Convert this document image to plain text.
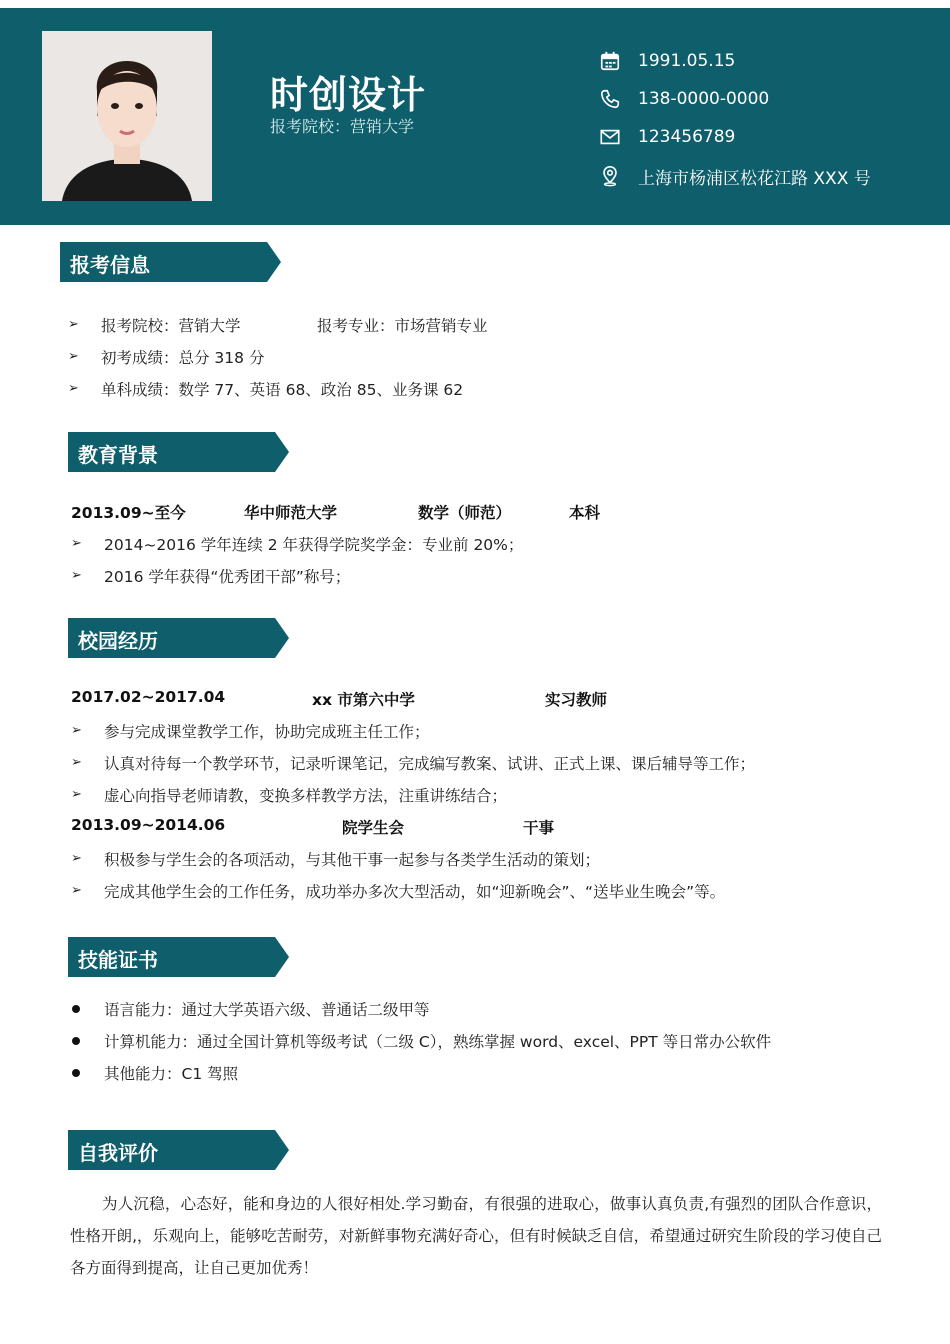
时创设计
报考院校：营销大学
1991.05.15
138-0000-0000
123456789
上海市杨浦区松花江路 XXX 号
报考信息
➢ 报考院校：营销大学	报考专业：市场营销专业
➢ 初考成绩：总分 318 分
➢ 单科成绩：数学 77、英语 68、政治 85、业务课 62
教育背景
2013.09~至今	华中师范大学	数学（师范）	本科
➢ 2014~2016 学年连续 2 年获得学院奖学金：专业前 20%；
➢ 2016 学年获得“优秀团干部”称号；
校园经历
2017.02~2017.04	xx 市第六中学	实习教师
➢ 参与完成课堂教学工作，协助完成班主任工作；
➢ 认真对待每一个教学环节，记录听课笔记，完成编写教案、试讲、正式上课、课后辅导等工作；
➢ 虚心向指导老师请教，变换多样教学方法，注重讲练结合；
2013.09~2014.06	院学生会	干事
➢ 积极参与学生会的各项活动，与其他干事一起参与各类学生活动的策划；
➢ 完成其他学生会的工作任务，成功举办多次大型活动，如“迎新晚会”、“送毕业生晚会”等。
技能证书
语言能力：通过大学英语六级、普通话二级甲等
计算机能力：通过全国计算机等级考试（二级 C），熟练掌握 word、excel、PPT 等日常办公软件
其他能力：C1 驾照
自我评价
为人沉稳，心态好，能和身边的人很好相处.学习勤奋，有很强的进取心，做事认真负责,有强烈的团队合作意识，性格开朗,，乐观向上，能够吃苦耐劳，对新鲜事物充满好奇心，但有时候缺乏自信，希望通过研究生阶段的学习使自己各方面得到提高，让自己更加优秀！
